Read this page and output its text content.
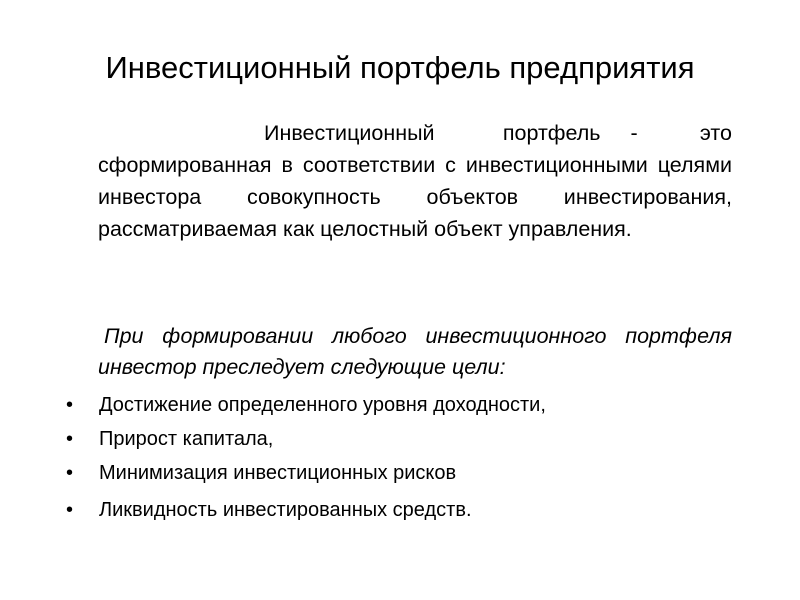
Инвестиционный портфель предприятия
Инвестиционный портфель - это сформированная в соответствии с инвестиционными целями инвестора совокупность объектов инвестирования, рассматриваемая как целостный объект управления.
При формировании любого инвестиционного портфеля инвестор преследует следующие цели:
•	Достижение определенного уровня доходности,
•	Прирост капитала,
•	Минимизация инвестиционных рисков
•	Ликвидность инвестированных средств.
